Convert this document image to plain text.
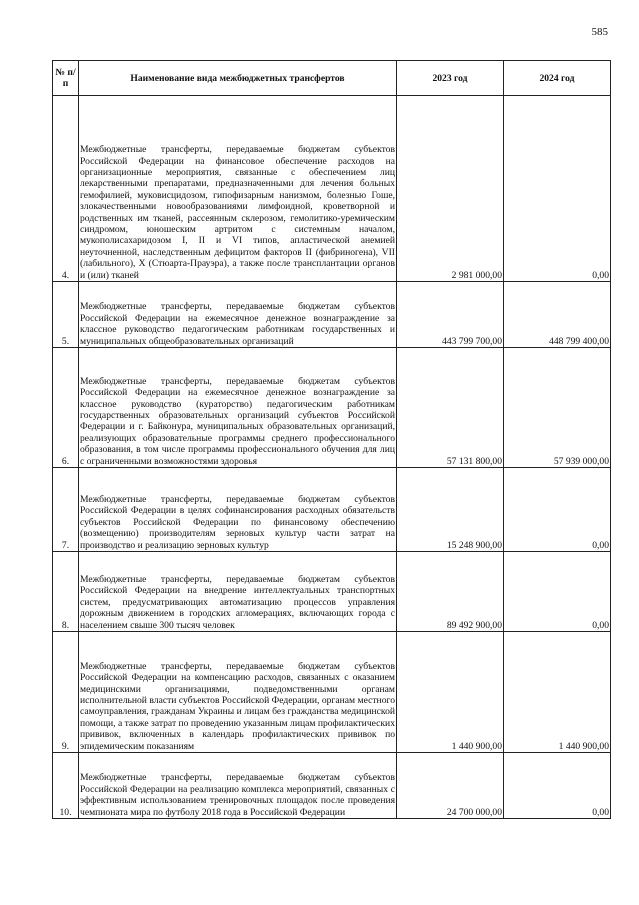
585
№ п/п	Наименование вида межбюджетных трансфертов	2023 год	2024 год
4.	Межбюджетные трансферты, передаваемые бюджетам субъектов Российской Федерации на финансовое обеспечение расходов на организационные мероприятия, связанные с обеспечением лиц лекарственными препаратами, предназначенными для лечения больных гемофилией, муковисцидозом, гипофизарным нанизмом, болезнью Гоше, злокачественными новообразованиями лимфоидной, кроветворной и родственных им тканей, рассеянным склерозом, гемолитико-уремическим синдромом, юношеским артритом с системным началом, мукополисахаридозом I, II и VI типов, апластической анемией неуточненной, наследственным дефицитом факторов II (фибриногена), VII (лабильного), X (Стюарта-Прауэра), а также после трансплантации органов и (или) тканей	2 981 000,00	0,00
5.	Межбюджетные трансферты, передаваемые бюджетам субъектов Российской Федерации на ежемесячное денежное вознаграждение за классное руководство педагогическим работникам государственных и муниципальных общеобразовательных организаций	443 799 700,00	448 799 400,00
6.	Межбюджетные трансферты, передаваемые бюджетам субъектов Российской Федерации на ежемесячное денежное вознаграждение за классное руководство (кураторство) педагогическим работникам государственных образовательных организаций субъектов Российской Федерации и г. Байконура, муниципальных образовательных организаций, реализующих образовательные программы среднего профессионального образования, в том числе программы профессионального обучения для лиц с ограниченными возможностями здоровья	57 131 800,00	57 939 000,00
7.	Межбюджетные трансферты, передаваемые бюджетам субъектов Российской Федерации в целях софинансирования расходных обязательств субъектов Российской Федерации по финансовому обеспечению (возмещению) производителям зерновых культур части затрат на производство и реализацию зерновых культур	15 248 900,00	0,00
8.	Межбюджетные трансферты, передаваемые бюджетам субъектов Российской Федерации на внедрение интеллектуальных транспортных систем, предусматривающих автоматизацию процессов управления дорожным движением в городских агломерациях, включающих города с населением свыше 300 тысяч человек	89 492 900,00	0,00
9.	Межбюджетные трансферты, передаваемые бюджетам субъектов Российской Федерации на компенсацию расходов, связанных с оказанием медицинскими организациями, подведомственными органам исполнительной власти субъектов Российской Федерации, органам местного самоуправления, гражданам Украины и лицам без гражданства медицинской помощи, а также затрат по проведению указанным лицам профилактических прививок, включенных в календарь профилактических прививок по эпидемическим показаниям	1 440 900,00	1 440 900,00
10.	Межбюджетные трансферты, передаваемые бюджетам субъектов Российской Федерации на реализацию комплекса мероприятий, связанных с эффективным использованием тренировочных площадок после проведения чемпионата мира по футболу 2018 года в Российской Федерации	24 700 000,00	0,00
